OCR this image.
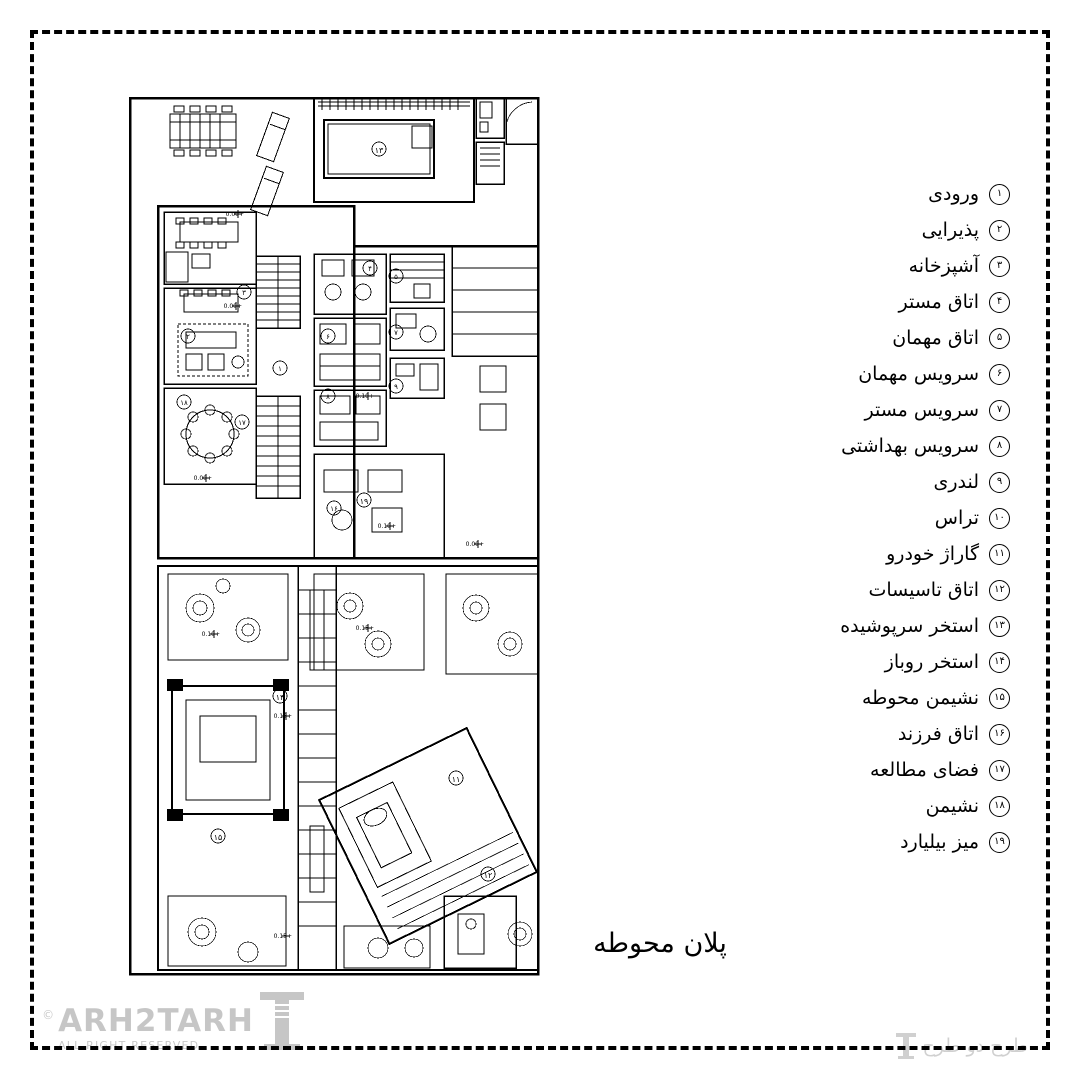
۱۳
۱۹
۱۴
۱۵
۱۱
۱۲
+0.00
+0.00
+0.00
+0.10
+0.10
+0.10
+0.15
+0.15
+0.00
+0.15
۳
۲
۱۸
۱۷
۶
۸
۵
۷
۹
۱
۱۶
۴
۱
ورودی
۲
پذیرایی
۳
آشپزخانه
۴
اتاق مستر
۵
اتاق مهمان
۶
سرویس مهمان
۷
سرویس مستر
۸
سرویس بهداشتی
۹
لندری
۱۰
تراس
۱۱
گاراژ خودرو
۱۲
اتاق تاسیسات
۱۳
استخر سرپوشیده
۱۴
استخر روباز
۱۵
نشیمن محوطه
۱۶
اتاق فرزند
۱۷
فضای مطالعه
۱۸
نشیمن
۱۹
میز بیلیارد
پلان محوطه
ARH2TARH
ALL RIGHT RESERVED
©
طرح دو طرح
